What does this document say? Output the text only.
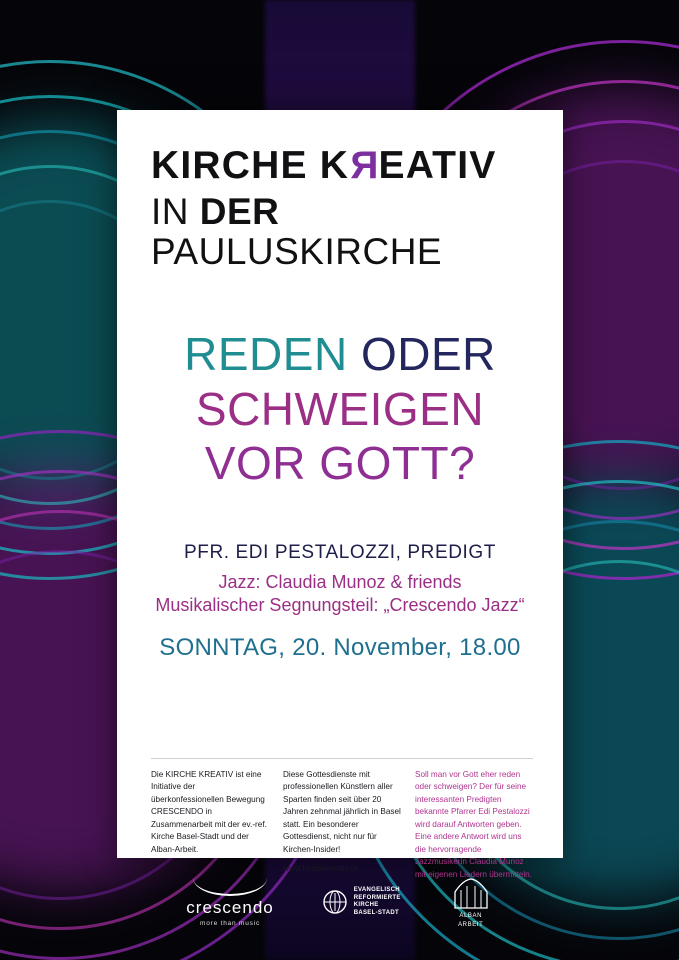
KIRCHE KREATIV
IN DER
PAULUSKIRCHE
REDEN ODER
SCHWEIGEN
VOR GOTT?
PFR. EDI PESTALOZZI, PREDIGT
Jazz: Claudia Munoz & friends
Musikalischer Segnungsteil: „Crescendo Jazz“
SONNTAG, 20. November, 18.00

Die KIRCHE KREATIV ist eine Initiative der überkonfessionellen Bewegung CRESCENDO in Zusammenarbeit mit der ev.-ref. Kirche Basel-Stadt und der Alban-Arbeit.

Diese Gottesdienste mit professionellen Künstlern aller Sparten finden seit über 20 Jahren zehnmal jährlich in Basel statt. Ein besonderer Gottesdienst, nicht nur für Kirchen-Insider!

www.kirchekreativ.ch

Soll man vor Gott eher reden oder schweigen? Der für seine interessanten Predigten bekannte Pfarrer Edi Pestalozzi wird darauf Antworten geben. Eine andere Antwort wird uns die hervorragende Jazzmusikerin Claudia Munoz mit eigenen Liedern übermitteln.

crescendo
more than music
EVANGELISCH
REFORMIERTE
KIRCHE
BASEL-STADT
ALBAN
ARBEIT
